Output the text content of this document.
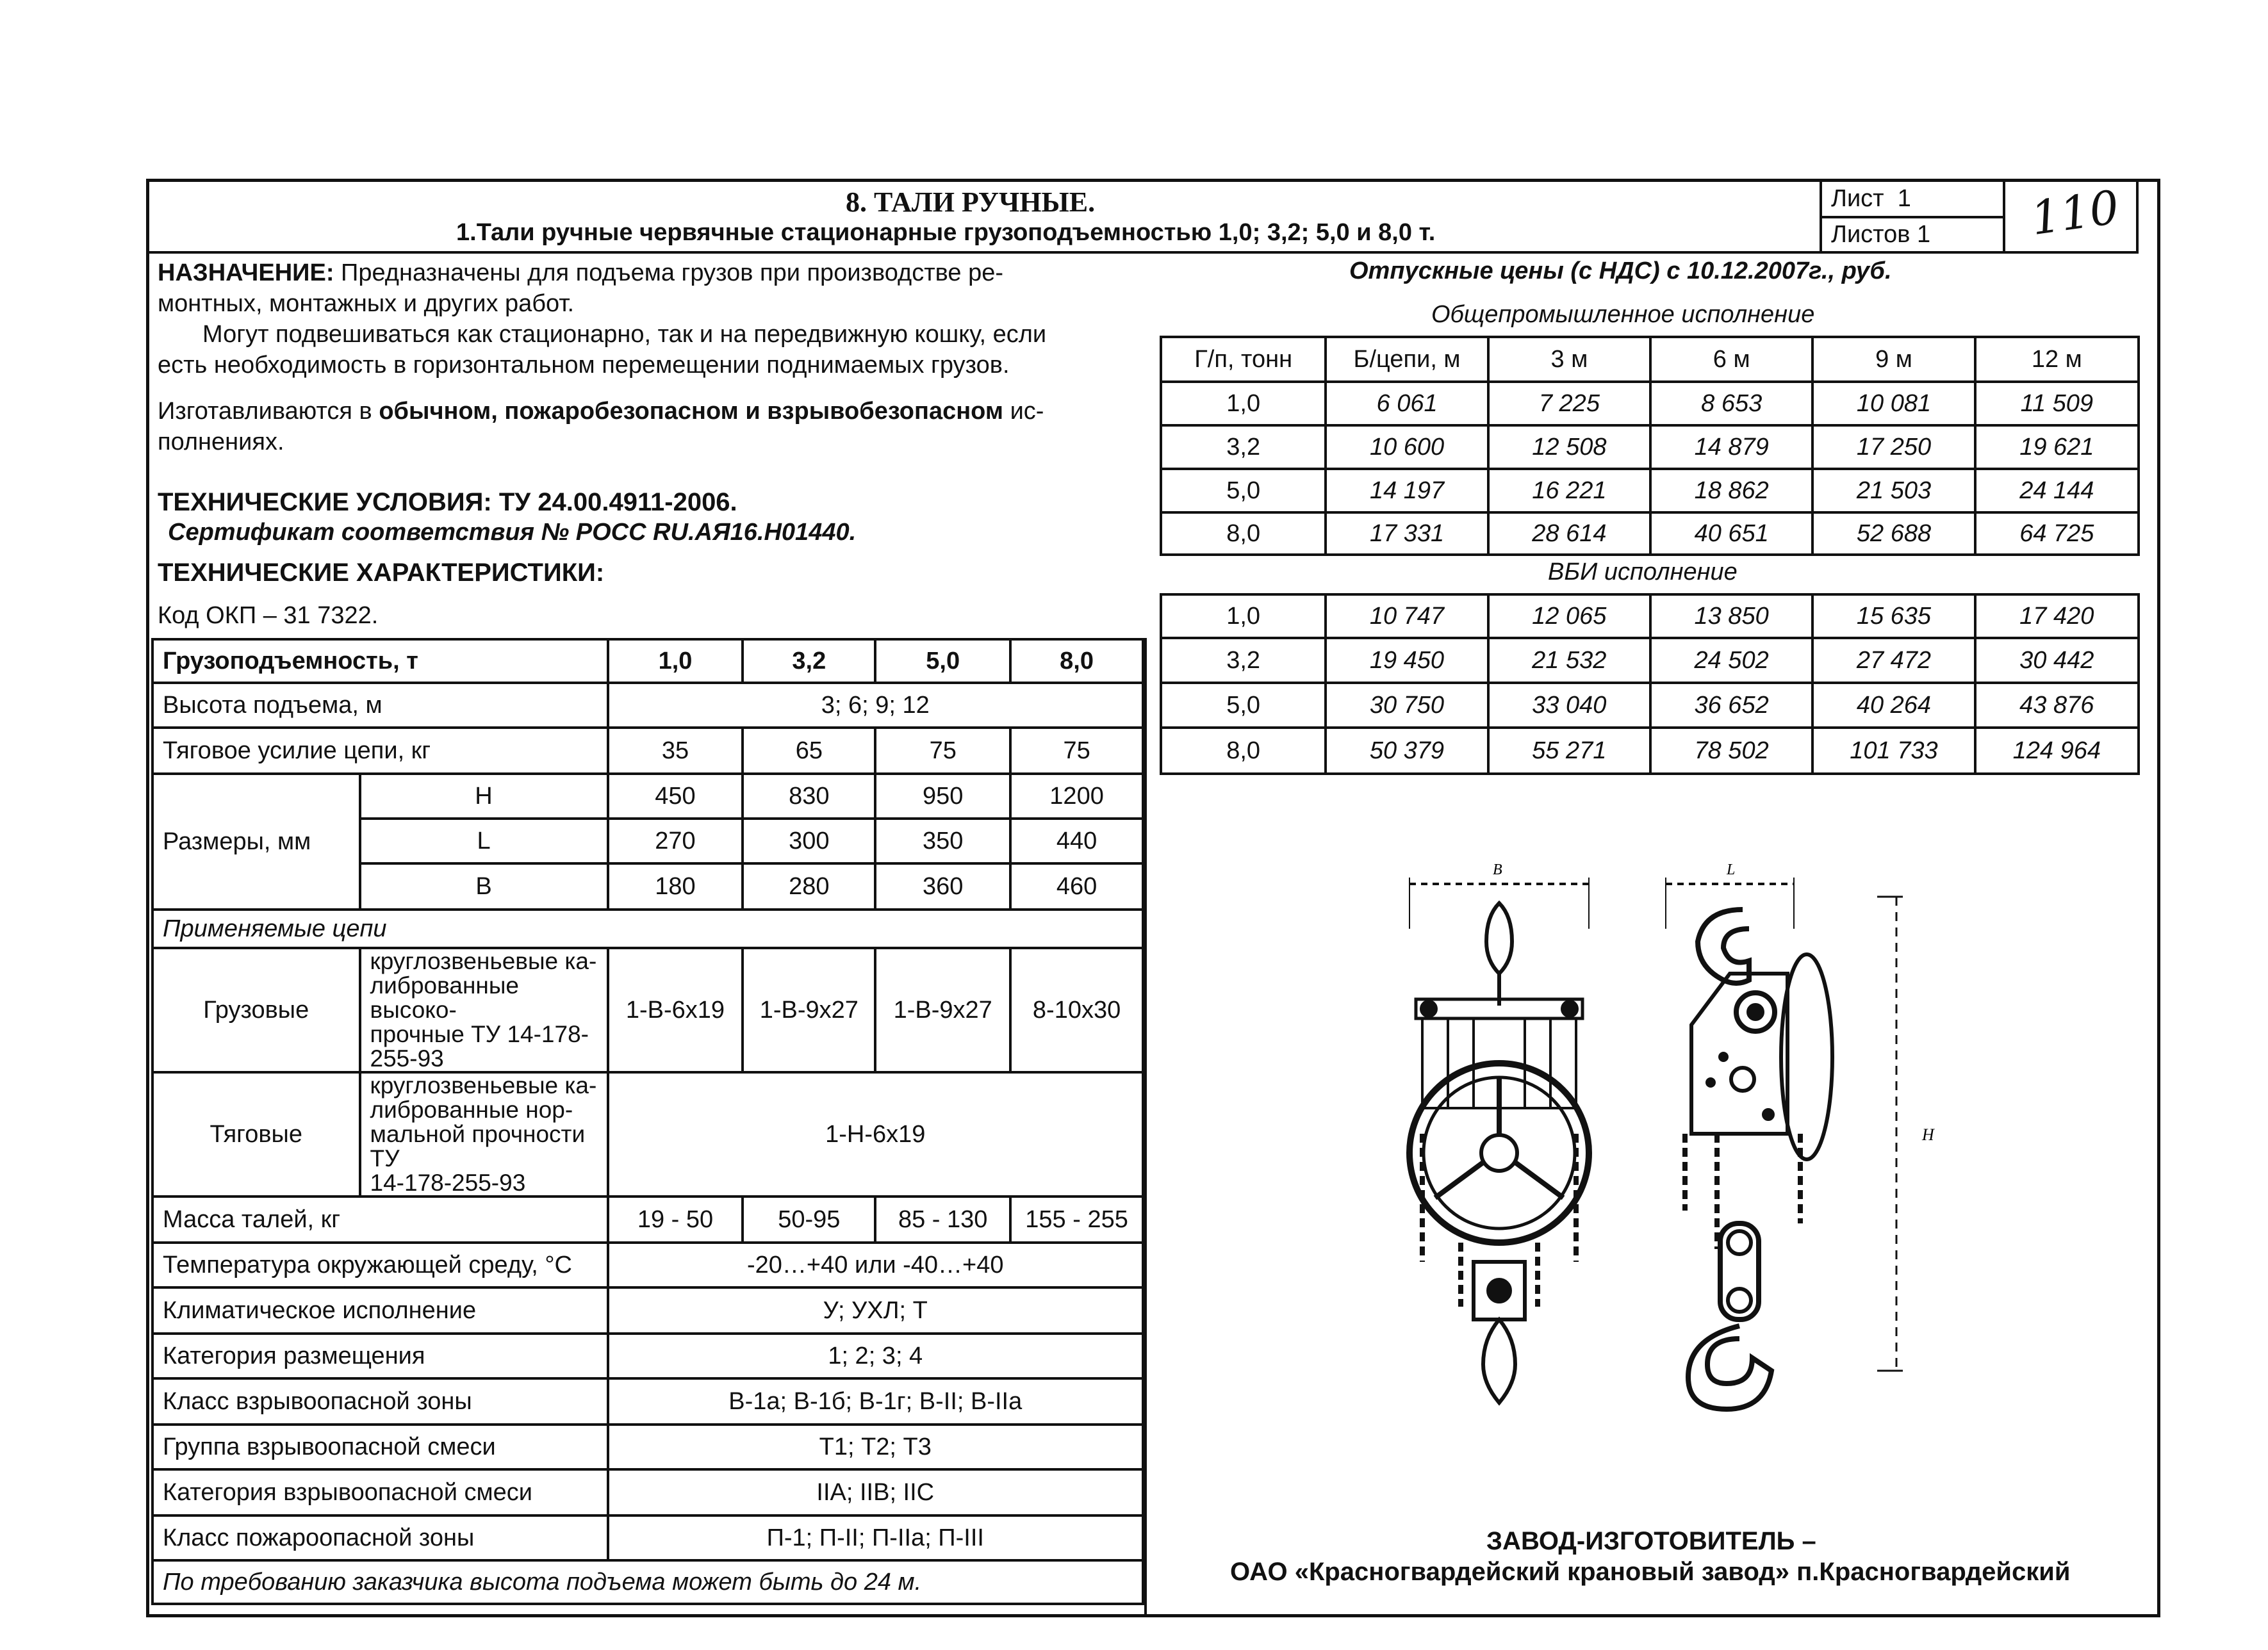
8. ТАЛИ РУЧНЫЕ.
1.Тали ручные червячные стационарные грузоподъемностью 1,0; 3,2; 5,0 и 8,0 т.
Лист
1
Листов
1 110
НАЗНАЧЕНИЕ: Предназначены для подъема грузов при производстве ре-
монтных, монтажных и других работ.
Могут подвешиваться как стационарно, так и на передвижную кошку, если
есть необходимость в горизонтальном перемещении поднимаемых грузов.
Изготавливаются в обычном, пожаробезопасном и взрывобезопасном ис-
полнениях.
ТЕХНИЧЕСКИЕ УСЛОВИЯ: ТУ 24.00.4911-2006.
Сертификат соответствия № РОСС RU.АЯ16.Н01440.
ТЕХНИЧЕСКИЕ ХАРАКТЕРИСТИКИ:
Код ОКП – 31 7322.
Грузоподъемность, т		1,0	3,2	5,0	8,0
Высота подъема, м		3; 6; 9; 12			
Тяговое усилие цепи, кг		35	65	75	75
Размеры, мм	H	450	830	950	1200
	L	270	300	350	440
	B	180	280	360	460
Применяемые цепи					
Грузовые	круглозвеньевые ка-
либрованные высоко-
прочные ТУ 14-178-
255-93	1-В-6х19	1-В-9х27	1-В-9х27	8-10х30
Тяговые	круглозвеньевые ка-
либрованные нор-
мальной прочности ТУ
14-178-255-93	1-Н-6х19			
Масса талей, кг		19 - 50	50-95	85 - 130	155 - 255
Температура окружающей среду, °С		-20…+40 или -40…+40			
Климатическое исполнение		У; УХЛ; Т			
Категория размещения		1; 2; 3; 4			
Класс взрывоопасной зоны		В-1а; В-1б; В-1г; В-II; В-IIа			
Группа взрывоопасной смеси		Т1; Т2; Т3			
Категория взрывоопасной смеси		IIA; IIB; IIC			
Класс пожароопасной зоны		П-1; П-II; П-IIа; П-III			
По требованию заказчика высота подъема может быть до 24 м.					
Отпускные цены (с НДС) с 10.12.2007г., руб.
Общепромышленное исполнение
Г/п, тонн	Б/цепи, м	3 м	6 м	9 м	12 м
1,0	6 061	7 225	8 653	10 081	11 509
3,2	10 600	12 508	14 879	17 250	19 621
5,0	14 197	16 221	18 862	21 503	24 144
8,0	17 331	28 614	40 651	52 688	64 725
ВБИ исполнение
1,0	10 747	12 065	13 850	15 635	17 420
3,2	19 450	21 532	24 502	27 472	30 442
5,0	30 750	33 040	36 652	40 264	43 876
8,0	50 379	55 271	78 502	101 733	124 964
B	L
H
ЗАВОД-ИЗГОТОВИТЕЛЬ –
ОАО «Красногвардейский крановый завод» п.Красногвардейский
